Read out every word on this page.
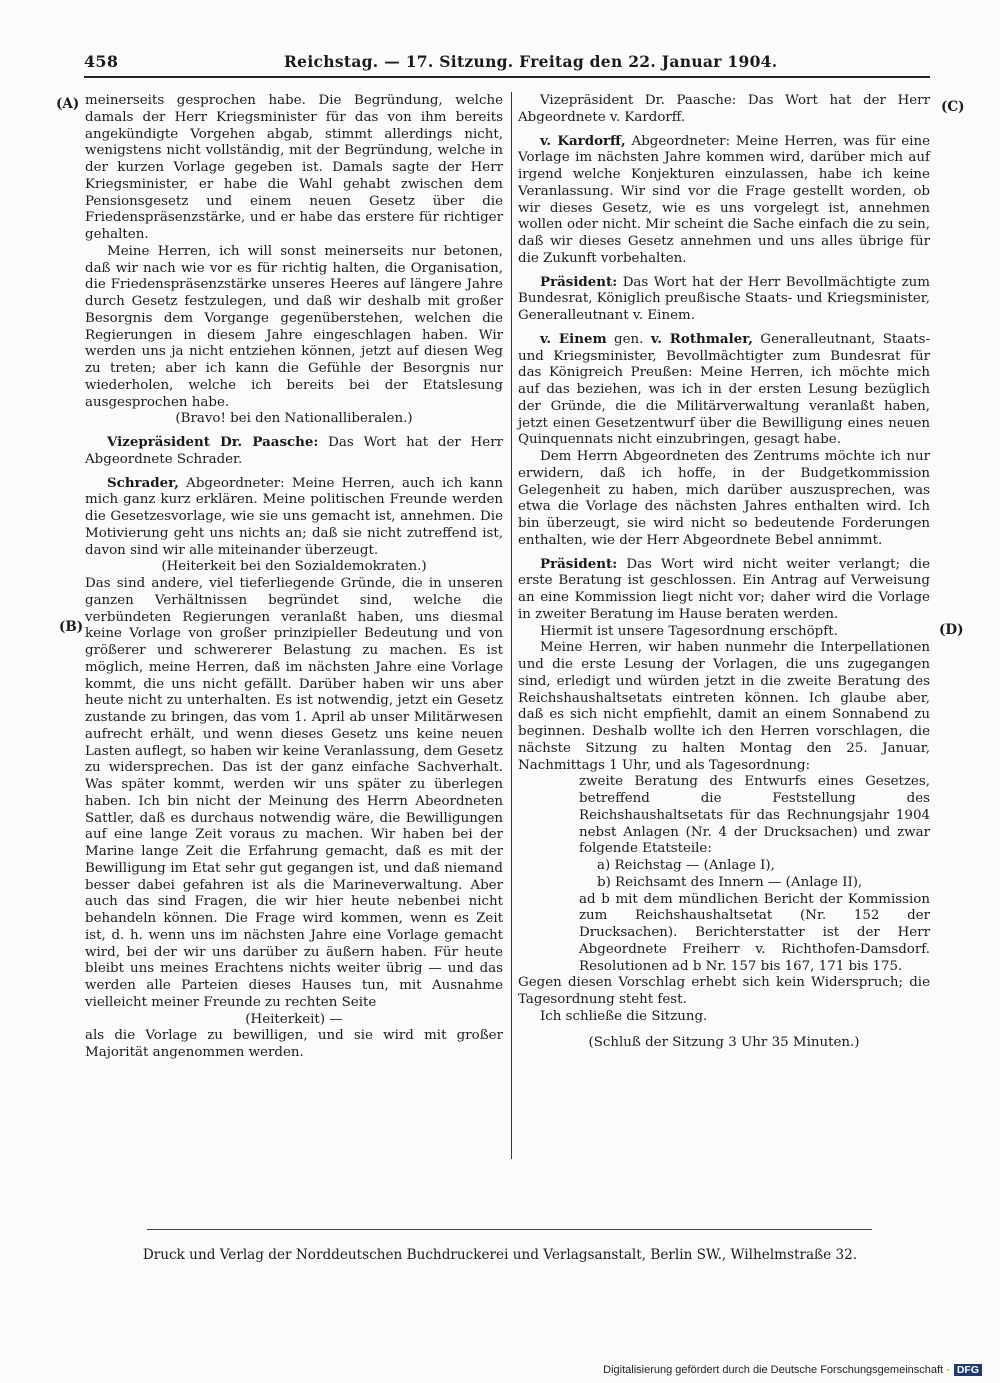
458	Reichstag. — 17. Sitzung. Freitag den 22. Januar 1904.
(A)
(B)
(C)
(D)

meinerseits gesprochen habe. Die Begründung, welche damals der Herr Kriegsminister für das von ihm bereits angekündigte Vorgehen abgab, stimmt allerdings nicht, wenigstens nicht vollständig, mit der Begründung, welche in der kurzen Vorlage gegeben ist. Damals sagte der Herr Kriegsminister, er habe die Wahl gehabt zwischen dem Pensionsgesetz und einem neuen Gesetz über die Friedenspräsenzstärke, und er habe das erstere für richtiger gehalten.

Meine Herren, ich will sonst meinerseits nur betonen, daß wir nach wie vor es für richtig halten, die Organisation, die Friedenspräsenzstärke unseres Heeres auf längere Jahre durch Gesetz festzulegen, und daß wir deshalb mit großer Besorgnis dem Vorgange gegenüberstehen, welchen die Regierungen in diesem Jahre eingeschlagen haben. Wir werden uns ja nicht entziehen können, jetzt auf diesen Weg zu treten; aber ich kann die Gefühle der Besorgnis nur wiederholen, welche ich bereits bei der Etatslesung ausgesprochen habe.

(Bravo! bei den Nationalliberalen.)

Vizepräsident Dr. Paasche: Das Wort hat der Herr Abgeordnete Schrader.

Schrader, Abgeordneter: Meine Herren, auch ich kann mich ganz kurz erklären. Meine politischen Freunde werden die Gesetzesvorlage, wie sie uns gemacht ist, annehmen. Die Motivierung geht uns nichts an; daß sie nicht zutreffend ist, davon sind wir alle miteinander überzeugt.

(Heiterkeit bei den Sozialdemokraten.)

Das sind andere, viel tieferliegende Gründe, die in unseren ganzen Verhältnissen begründet sind, welche die verbündeten Regierungen veranlaßt haben, uns diesmal keine Vorlage von großer prinzipieller Bedeutung und von größerer und schwererer Belastung zu machen. Es ist möglich, meine Herren, daß im nächsten Jahre eine Vorlage kommt, die uns nicht gefällt. Darüber haben wir uns aber heute nicht zu unterhalten. Es ist notwendig, jetzt ein Gesetz zustande zu bringen, das vom 1. April ab unser Militärwesen aufrecht erhält, und wenn dieses Gesetz uns keine neuen Lasten auflegt, so haben wir keine Veranlassung, dem Gesetz zu widersprechen. Das ist der ganz einfache Sachverhalt. Was später kommt, werden wir uns später zu überlegen haben. Ich bin nicht der Meinung des Herrn Abeordneten Sattler, daß es durchaus notwendig wäre, die Bewilligungen auf eine lange Zeit voraus zu machen. Wir haben bei der Marine lange Zeit die Erfahrung gemacht, daß es mit der Bewilligung im Etat sehr gut gegangen ist, und daß niemand besser dabei gefahren ist als die Marineverwaltung. Aber auch das sind Fragen, die wir hier heute nebenbei nicht behandeln können. Die Frage wird kommen, wenn es Zeit ist, d. h. wenn uns im nächsten Jahre eine Vorlage gemacht wird, bei der wir uns darüber zu äußern haben. Für heute bleibt uns meines Erachtens nichts weiter übrig — und das werden alle Parteien dieses Hauses tun, mit Ausnahme vielleicht meiner Freunde zu rechten Seite

(Heiterkeit) —

als die Vorlage zu bewilligen, und sie wird mit großer Majorität angenommen werden.

Vizepräsident Dr. Paasche: Das Wort hat der Herr Abgeordnete v. Kardorff.

v. Kardorff, Abgeordneter: Meine Herren, was für eine Vorlage im nächsten Jahre kommen wird, darüber mich auf irgend welche Konjekturen einzulassen, habe ich keine Veranlassung. Wir sind vor die Frage gestellt worden, ob wir dieses Gesetz, wie es uns vorgelegt ist, annehmen wollen oder nicht. Mir scheint die Sache einfach die zu sein, daß wir dieses Gesetz annehmen und uns alles übrige für die Zukunft vorbehalten.

Präsident: Das Wort hat der Herr Bevollmächtigte zum Bundesrat, Königlich preußische Staats- und Kriegsminister, Generalleutnant v. Einem.

v. Einem gen. v. Rothmaler, Generalleutnant, Staats- und Kriegsminister, Bevollmächtigter zum Bundesrat für das Königreich Preußen: Meine Herren, ich möchte mich auf das beziehen, was ich in der ersten Lesung bezüglich der Gründe, die die Militärverwaltung veranlaßt haben, jetzt einen Gesetzentwurf über die Bewilligung eines neuen Quinquennats nicht einzubringen, gesagt habe.

Dem Herrn Abgeordneten des Zentrums möchte ich nur erwidern, daß ich hoffe, in der Budgetkommission Gelegenheit zu haben, mich darüber auszusprechen, was etwa die Vorlage des nächsten Jahres enthalten wird. Ich bin überzeugt, sie wird nicht so bedeutende Forderungen enthalten, wie der Herr Abgeordnete Bebel annimmt.

Präsident: Das Wort wird nicht weiter verlangt; die erste Beratung ist geschlossen. Ein Antrag auf Verweisung an eine Kommission liegt nicht vor; daher wird die Vorlage in zweiter Beratung im Hause beraten werden.

Hiermit ist unsere Tagesordnung erschöpft.

Meine Herren, wir haben nunmehr die Interpellationen und die erste Lesung der Vorlagen, die uns zugegangen sind, erledigt und würden jetzt in die zweite Beratung des Reichshaushaltsetats eintreten können. Ich glaube aber, daß es sich nicht empfiehlt, damit an einem Sonnabend zu beginnen. Deshalb wollte ich den Herren vorschlagen, die nächste Sitzung zu halten Montag den 25. Januar, Nachmittags 1 Uhr, und als Tagesordnung:

zweite Beratung des Entwurfs eines Gesetzes, betreffend die Feststellung des Reichshaushaltsetats für das Rechnungsjahr 1904 nebst Anlagen (Nr. 4 der Drucksachen) und zwar folgende Etatsteile:

a) Reichstag — (Anlage I),

b) Reichsamt des Innern — (Anlage II),

ad b mit dem mündlichen Bericht der Kommission zum Reichshaushaltsetat (Nr. 152 der Drucksachen). Berichterstatter ist der Herr Abgeordnete Freiherr v. Richthofen-Damsdorf. Resolutionen ad b Nr. 157 bis 167, 171 bis 175.

Gegen diesen Vorschlag erhebt sich kein Widerspruch; die Tagesordnung steht fest.

Ich schließe die Sitzung.

(Schluß der Sitzung 3 Uhr 35 Minuten.)

Druck und Verlag der Norddeutschen Buchdruckerei und Verlagsanstalt, Berlin SW., Wilhelmstraße 32.
Digitalisierung gefördert durch die Deutsche Forschungsgemeinschaft · DFG
